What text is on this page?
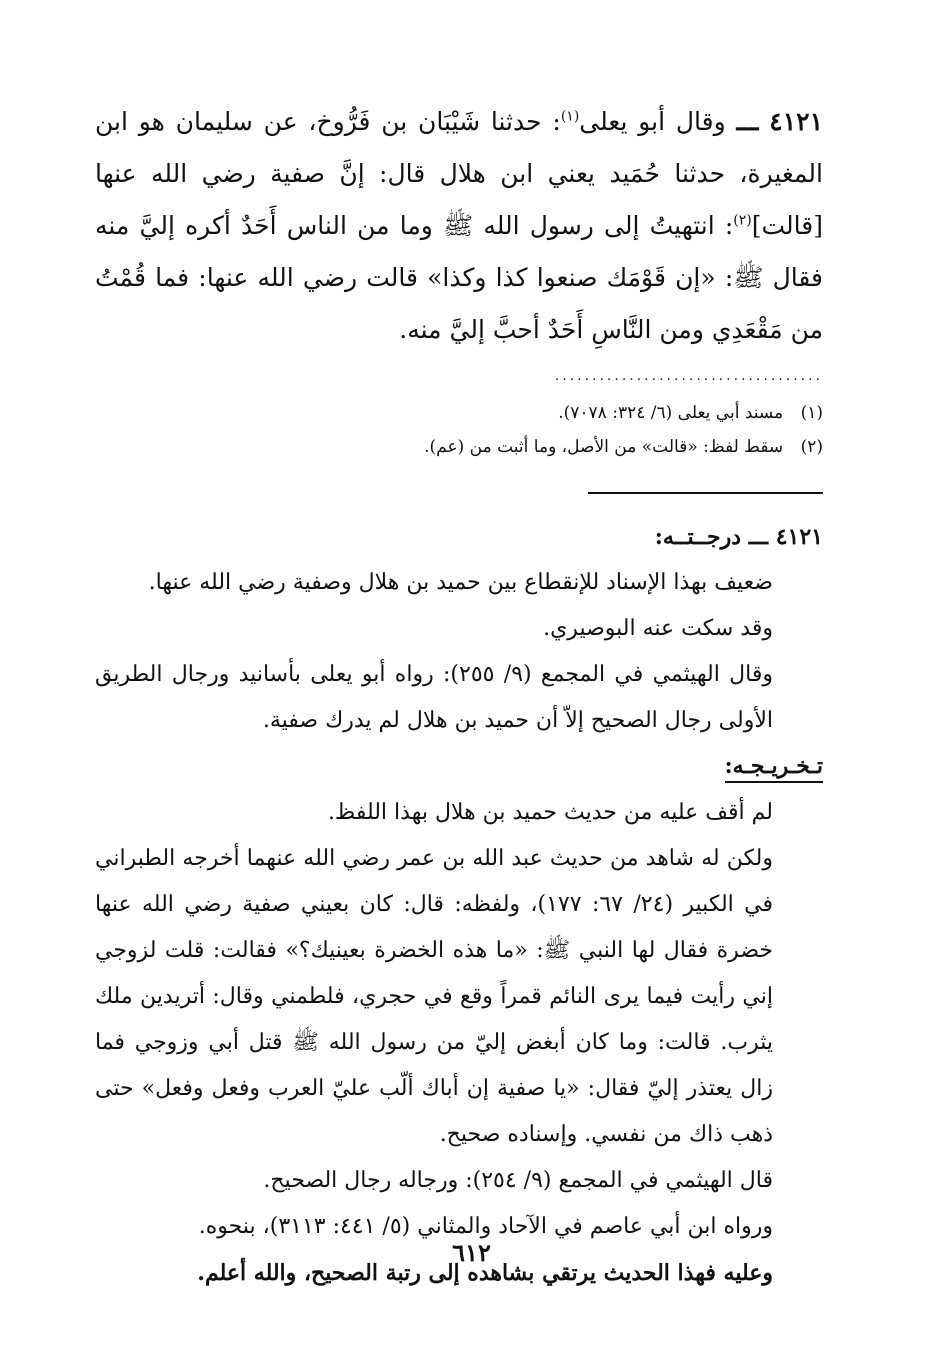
٤١٢١ ـــ وقال أبو يعلى$^{(١)}$: حدثنا شَيْبَان بن فَرُّوخ، عن سليمان هو ابن المغيرة، حدثنا حُمَيد يعني ابن هلال قال: إنَّ صفية رضي الله عنها [قالت]$^{(٢)}$: انتهيتُ إلى رسول الله ﷺ وما من الناس أَحَدٌ أكره إليَّ منه فقال ﷺ: «إن قَوْمَك صنعوا كذا وكذا» قالت رضي الله عنها: فما قُمْتُ من مَقْعَدِي ومن النَّاسِ أَحَدٌ أحبَّ إليَّ منه.

....................................

(١) مسند أبي يعلى (٦/ ٣٢٤: ٧٠٧٨).

(٢) سقط لفظ: «قالت» من الأصل، وما أثبت من (عم).

٤١٢١ ـــ درجــتــه:

ضعيف بهذا الإسناد للإنقطاع بين حميد بن هلال وصفية رضي الله عنها.

وقد سكت عنه البوصيري.

وقال الهيثمي في المجمع (٩/ ٢٥٥): رواه أبو يعلى بأسانيد ورجال الطريق الأولى رجال الصحيح إلاّ أن حميد بن هلال لم يدرك صفية.

تـخـريـجـه:

لم أقف عليه من حديث حميد بن هلال بهذا اللفظ.

ولكن له شاهد من حديث عبد الله بن عمر رضي الله عنهما أخرجه الطبراني في الكبير (٢٤/ ٦٧: ١٧٧)، ولفظه: قال: كان بعيني صفية رضي الله عنها خضرة فقال لها النبي ﷺ: «ما هذه الخضرة بعينيك؟» فقالت: قلت لزوجي إني رأيت فيما يرى النائم قمراً وقع في حجري، فلطمني وقال: أتريدين ملك يثرب. قالت: وما كان أبغض إليّ من رسول الله ﷺ قتل أبي وزوجي فما زال يعتذر إليّ فقال: «يا صفية إن أباك ألّب عليّ العرب وفعل وفعل» حتى ذهب ذاك من نفسي. وإسناده صحيح.

قال الهيثمي في المجمع (٩/ ٢٥٤): ورجاله رجال الصحيح.

ورواه ابن أبي عاصم في الآحاد والمثاني (٥/ ٤٤١: ٣١١٣)، بنحوه.

وعليه فهذا الحديث يرتقي بشاهده إلى رتبة الصحيح، والله أعلم.

٦١٢
